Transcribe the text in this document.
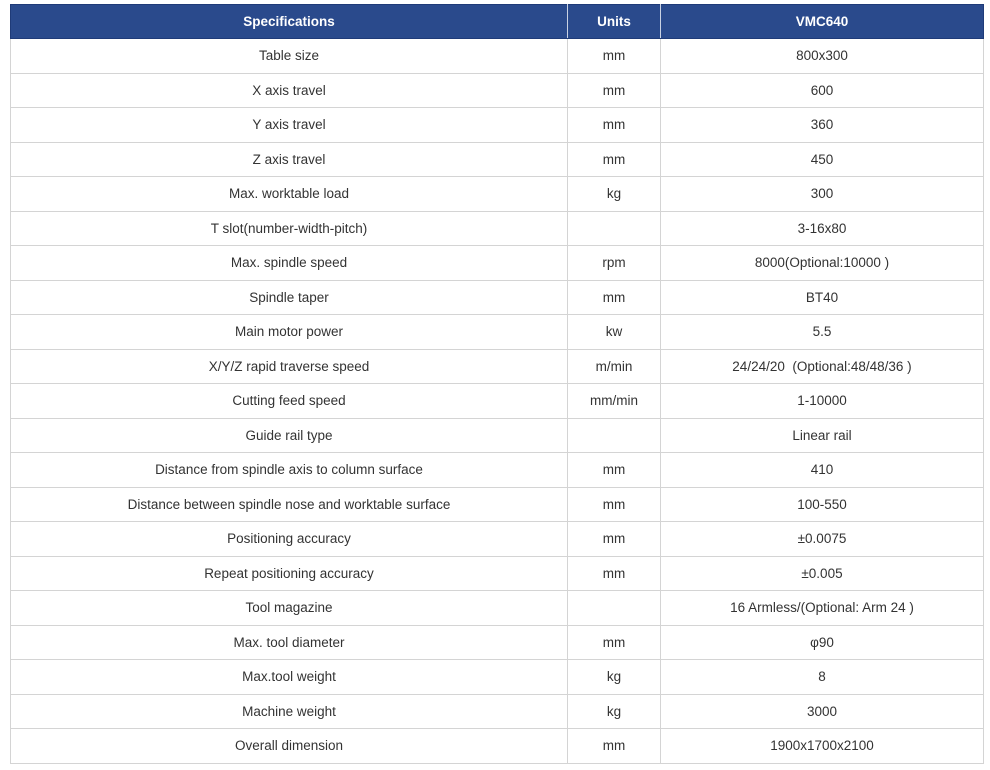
Specifications	Units	VMC640
Table size	mm	800x300
X axis travel	mm	600
Y axis travel	mm	360
Z axis travel	mm	450
Max. worktable load	kg	300
T slot(number-width-pitch)		3-16x80
Max. spindle speed	rpm	8000(Optional:10000 )
Spindle taper	mm	BT40
Main motor power	kw	5.5
X/Y/Z rapid traverse speed	m/min	24/24/20  (Optional:48/48/36 )
Cutting feed speed	mm/min	1-10000
Guide rail type		Linear rail
Distance from spindle axis to column surface	mm	410
Distance between spindle nose and worktable surface	mm	100-550
Positioning accuracy	mm	±0.0075
Repeat positioning accuracy	mm	±0.005
Tool magazine		16 Armless/(Optional: Arm 24 )
Max. tool diameter	mm	φ90
Max.tool weight	kg	8
Machine weight	kg	3000
Overall dimension	mm	1900x1700x2100
